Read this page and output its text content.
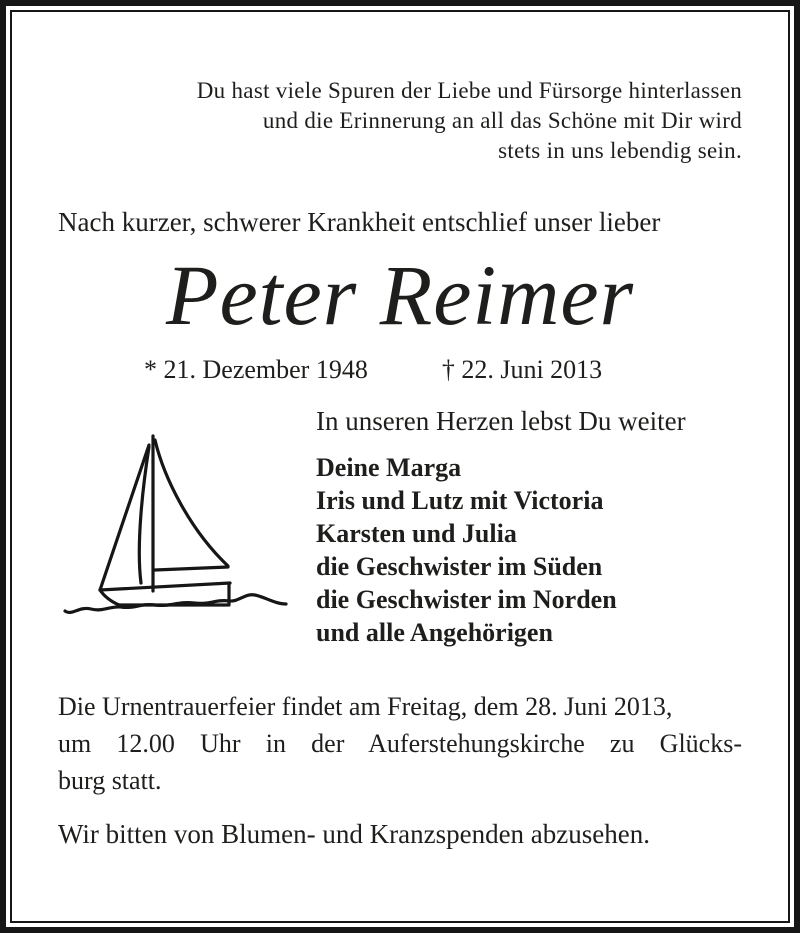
Du hast viele Spuren der Liebe und Fürsorge hinterlassen
und die Erinnerung an all das Schöne mit Dir wird
stets in uns lebendig sein.
Nach kurzer, schwerer Krankheit entschlief unser lieber
Peter Reimer
* 21. Dezember 1948	† 22. Juni 2013
In unseren Herzen lebst Du weiter
Deine Marga
Iris und Lutz mit Victoria
Karsten und Julia
die Geschwister im Süden
die Geschwister im Norden
und alle Angehörigen
Die Urnentrauerfeier findet am Freitag, dem 28. Juni 2013,
um 12.00 Uhr in der Auferstehungskirche zu Glücks-
burg statt.
Wir bitten von Blumen- und Kranzspenden abzusehen.
